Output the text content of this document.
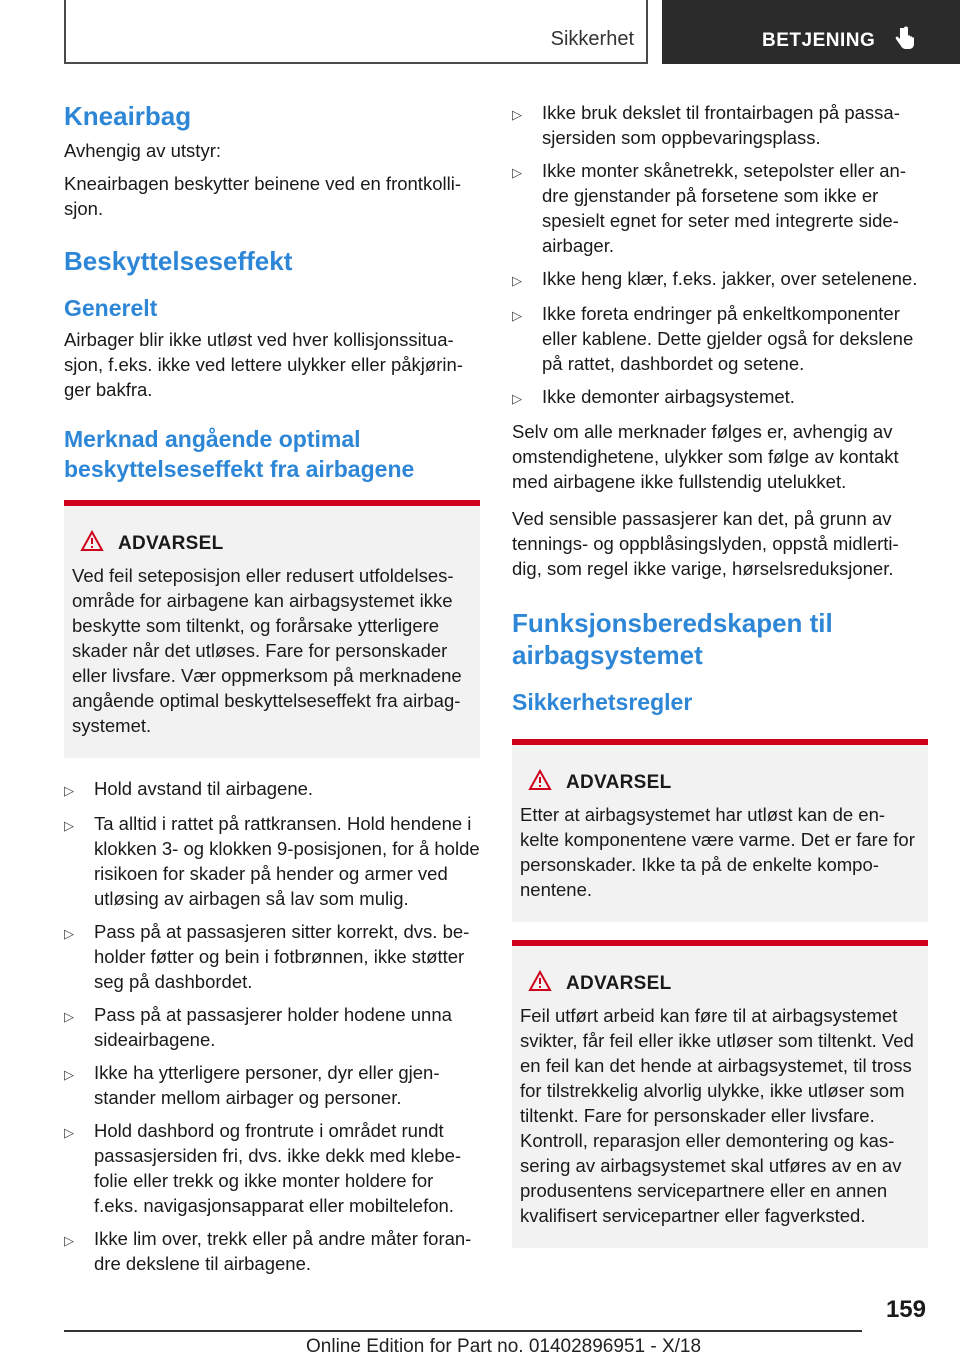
Sikkerhet	BETJENING
Kneairbag

Avhengig av utstyr:

Kneairbagen beskytter beinene ved en frontkolli-sjon.

Beskyttelseseffekt
Generelt

Airbager blir ikke utløst ved hver kollisjonssitua-sjon, f.eks. ikke ved lettere ulykker eller påkjørin-ger bakfra.

Merknad angående optimal beskyttelseseffekt fra airbagene
ADVARSEL

Ved feil seteposisjon eller redusert utfoldelses-område for airbagene kan airbagsystemet ikke beskytte som tiltenkt, og forårsake ytterligere skader når det utløses. Fare for personskader eller livsfare. Vær oppmerksom på merknadene angående optimal beskyttelseseffekt fra airbag-systemet.

▷	Hold avstand til airbagene.
▷	Ta alltid i rattet på rattkransen. Hold hendene i klokken 3- og klokken 9-posisjonen, for å holde risikoen for skader på hender og armer ved utløsing av airbagen så lav som mulig.
▷	Pass på at passasjeren sitter korrekt, dvs. be-holder føtter og bein i fotbrønnen, ikke støtter seg på dashbordet.
▷	Pass på at passasjerer holder hodene unna sideairbagene.
▷	Ikke ha ytterligere personer, dyr eller gjen-stander mellom airbager og personer.
▷	Hold dashbord og frontrute i området rundt passasjersiden fri, dvs. ikke dekk med klebe-folie eller trekk og ikke monter holdere for f.eks. navigasjonsapparat eller mobiltelefon.
▷	Ikke lim over, trekk eller på andre måter foran-dre dekslene til airbagene.
▷	Ikke bruk dekslet til frontairbagen på passa-sjersiden som oppbevaringsplass.
▷	Ikke monter skånetrekk, setepolster eller an-dre gjenstander på forsetene som ikke er spesielt egnet for seter med integrerte side-airbager.
▷	Ikke heng klær, f.eks. jakker, over setelenene.
▷	Ikke foreta endringer på enkeltkomponenter eller kablene. Dette gjelder også for dekslene på rattet, dashbordet og setene.
▷	Ikke demonter airbagsystemet.

Selv om alle merknader følges er, avhengig av omstendighetene, ulykker som følge av kontakt med airbagene ikke fullstendig utelukket.

Ved sensible passasjerer kan det, på grunn av tennings- og oppblåsingslyden, oppstå midlerti-dig, som regel ikke varige, hørselsreduksjoner.

Funksjonsberedskapen til airbagsystemet
Sikkerhetsregler
ADVARSEL

Etter at airbagsystemet har utløst kan de en-kelte komponentene være varme. Det er fare for personskader. Ikke ta på de enkelte kompo-nentene.

ADVARSEL

Feil utført arbeid kan føre til at airbagsystemet svikter, får feil eller ikke utløser som tiltenkt. Ved en feil kan det hende at airbagsystemet, til tross for tilstrekkelig alvorlig ulykke, ikke utløser som tiltenkt. Fare for personskader eller livsfare. Kontroll, reparasjon eller demontering og kas-sering av airbagsystemet skal utføres av en av produsentens servicepartnere eller en annen kvalifisert servicepartner eller fagverksted.

159
Online Edition for Part no. 01402896951 - X/18
